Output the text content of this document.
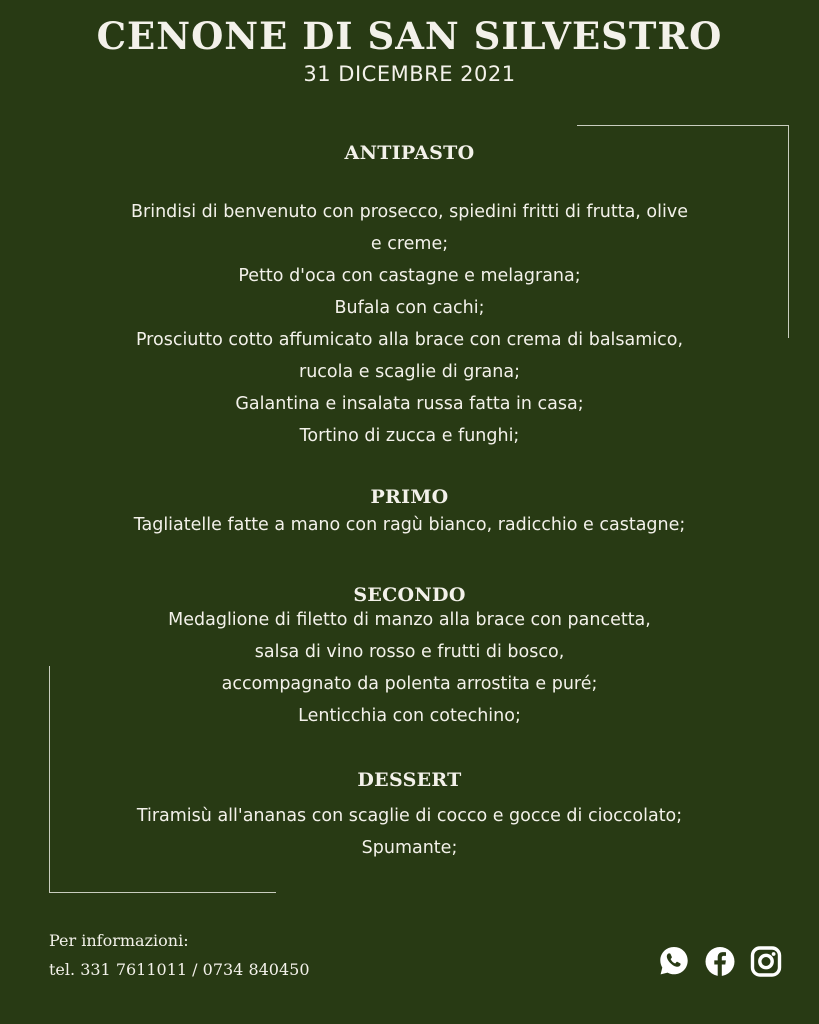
CENONE DI SAN SILVESTRO
31 DICEMBRE 2021
ANTIPASTO
Brindisi di benvenuto con prosecco, spiedini fritti di frutta, olive
e creme;
Petto d'oca con castagne e melagrana;
Bufala con cachi;
Prosciutto cotto affumicato alla brace con crema di balsamico,
rucola e scaglie di grana;
Galantina e insalata russa fatta in casa;
Tortino di zucca e funghi;
PRIMO
Tagliatelle fatte a mano con ragù bianco, radicchio e castagne;
SECONDO
Medaglione di filetto di manzo alla brace con pancetta,
salsa di vino rosso e frutti di bosco,
accompagnato da polenta arrostita e puré;
Lenticchia con cotechino;
DESSERT
Tiramisù all'ananas con scaglie di cocco e gocce di cioccolato;
Spumante;
Per informazioni:
tel. 331 7611011 / 0734 840450
